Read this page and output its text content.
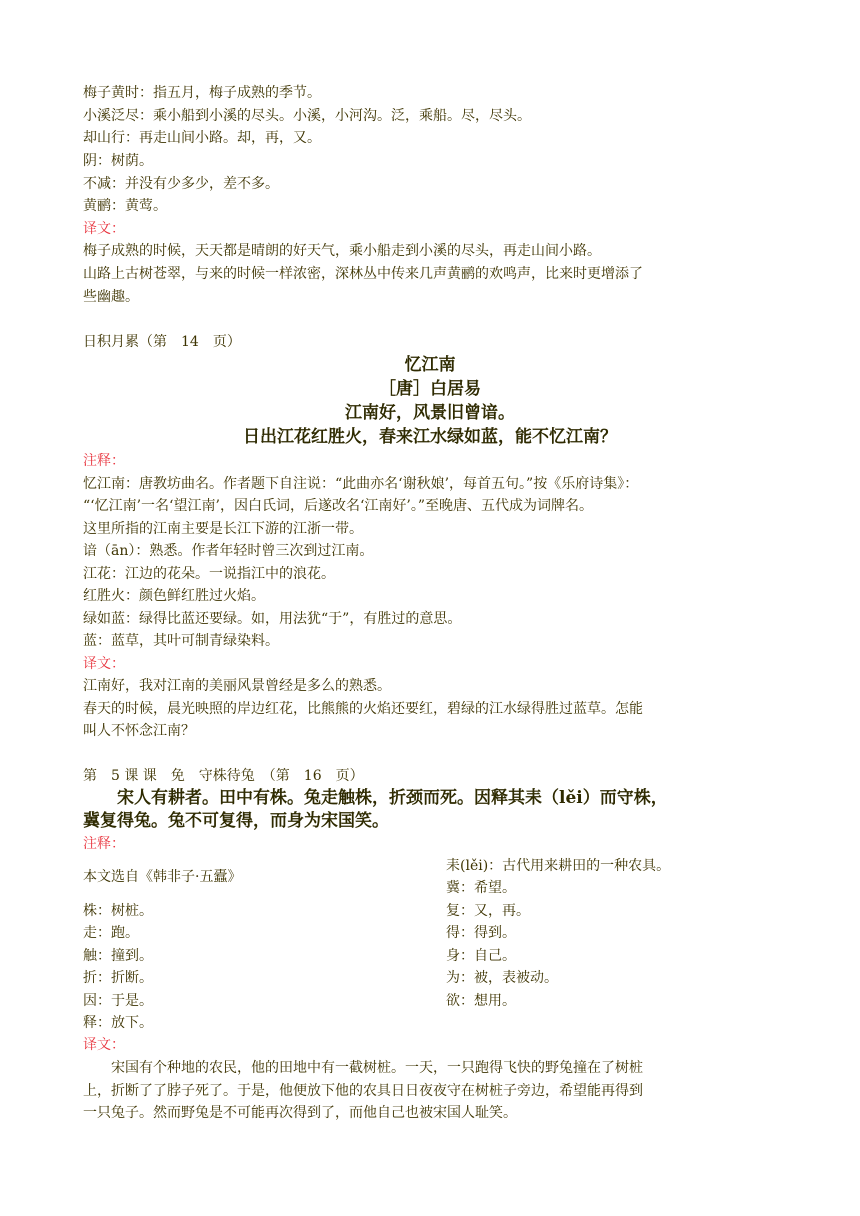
梅子黄时：指五月，梅子成熟的季节。
小溪泛尽：乘小船到小溪的尽头。小溪，小河沟。泛，乘船。尽，尽头。
却山行：再走山间小路。却，再，又。
阴：树荫。
不减：并没有少多少，差不多。
黄鹂：黄莺。
译文：
梅子成熟的时候，天天都是晴朗的好天气，乘小船走到小溪的尽头，再走山间小路。
山路上古树苍翠，与来的时候一样浓密，深林丛中传来几声黄鹂的欢鸣声，比来时更增添了
些幽趣。
日积月累（第　14　页）
忆江南
［唐］白居易
江南好，风景旧曾谙。
日出江花红胜火，春来江水绿如蓝，能不忆江南？
注释：
忆江南：唐教坊曲名。作者题下自注说：“此曲亦名‘谢秋娘’，每首五句。”按《乐府诗集》：
“‘忆江南’一名‘望江南’，因白氏词，后遂改名‘江南好’。”至晚唐、五代成为词牌名。
这里所指的江南主要是长江下游的江浙一带。
谙（ān）：熟悉。作者年轻时曾三次到过江南。
江花：江边的花朵。一说指江中的浪花。
红胜火：颜色鲜红胜过火焰。
绿如蓝：绿得比蓝还要绿。如，用法犹“于”，有胜过的意思。
蓝：蓝草，其叶可制青绿染料。
译文：
江南好，我对江南的美丽风景曾经是多么的熟悉。
春天的时候，晨光映照的岸边红花，比熊熊的火焰还要红，碧绿的江水绿得胜过蓝草。怎能
叫人不怀念江南？
第　5 课 课　免　守株待兔　（第　16　页）
　　宋人有耕者。田中有株。兔走触株，折颈而死。因释其耒（lěi）而守株，
冀复得兔。兔不可复得，而身为宋国笑。
注释：
本文选自《韩非子·五蠹》
株：树桩。
走：跑。
触：撞到。
折：折断。
因：于是。
释：放下。
耒(lěi)：古代用来耕田的一种农具。
冀：希望。
复：又，再。
得：得到。
身：自己。
为：被，表被动。
欲：想用。
译文：
　　宋国有个种地的农民，他的田地中有一截树桩。一天，一只跑得飞快的野兔撞在了树桩
上，折断了了脖子死了。于是，他便放下他的农具日日夜夜守在树桩子旁边，希望能再得到
一只兔子。然而野兔是不可能再次得到了，而他自己也被宋国人耻笑。
